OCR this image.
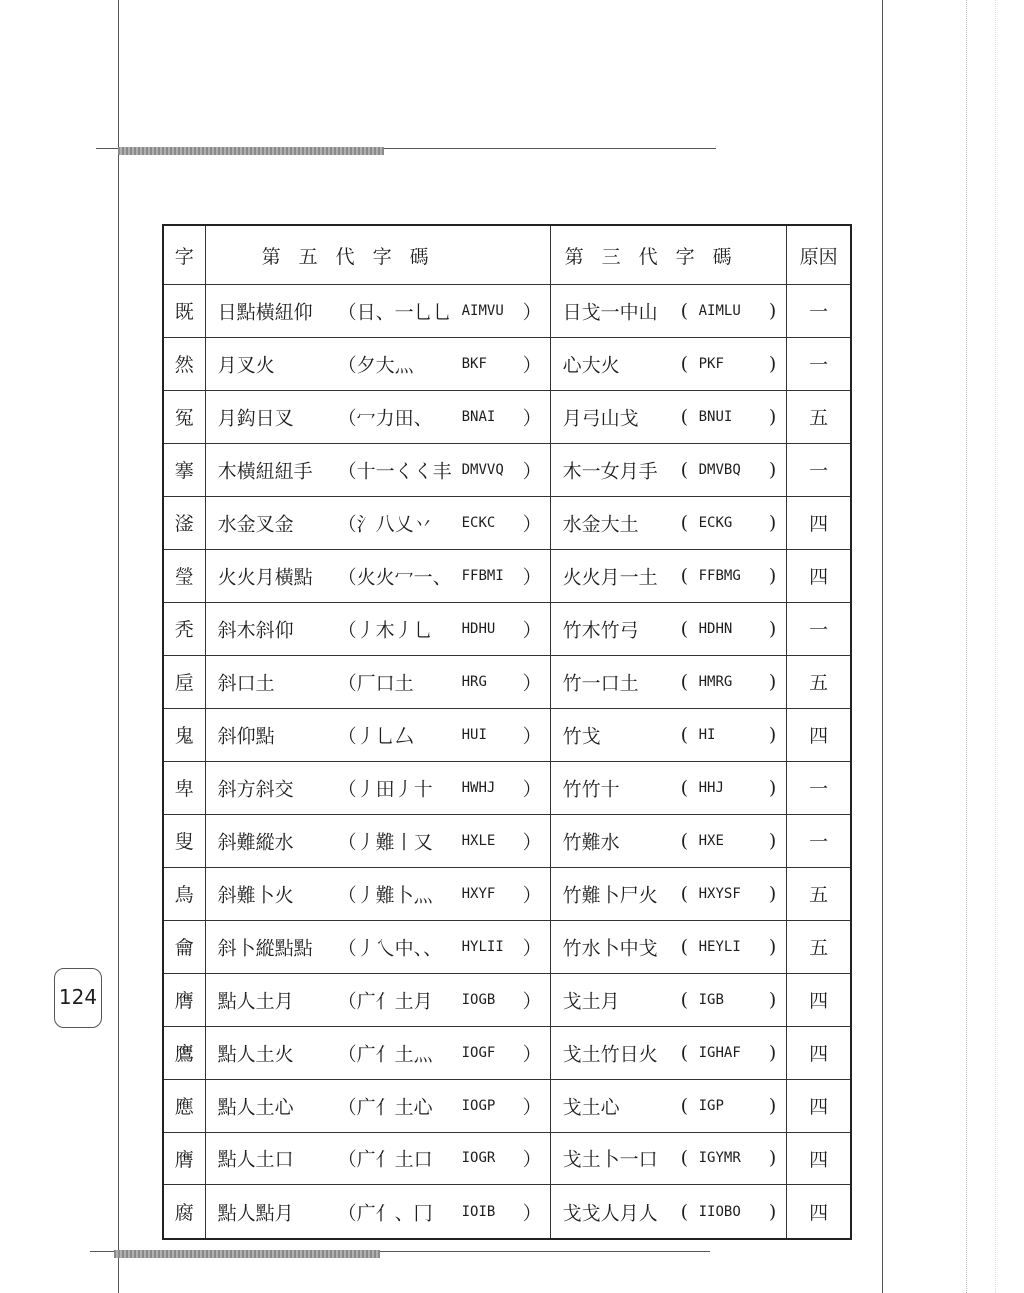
124
字	第五代字碼	第三代字碼	原因
既	日點橫紐仰 （日、一乚乚 AIMVU ）	日戈一中山 ( AIMLU )	一
然	月叉火 （夕大灬 BKF ）	心大火 ( PKF )	一
冤	月鈎日叉 （冖力田、 BNAI ）	月弓山戈 ( BNUI )	五
搴	木橫紐紐手 （十一くく丰 DMVVQ ）	木一女月手 ( DMVBQ )	一
滏	水金叉金 （氵八乂丷 ECKC ）	水金大土 ( ECKG )	四
瑩	火火月橫點 （火火冖一、 FFBMI ）	火火月一土 ( FFBMG )	四
秃	斜木斜仰 （丿木丿乚 HDHU ）	竹木竹弓 ( HDHN )	一
垕	斜口土 （厂口土 HRG ）	竹一口土 ( HMRG )	五
鬼	斜仰點 （丿乚厶 HUI ）	竹戈 ( HI )	四
卑	斜方斜交 （丿田丿十 HWHJ ）	竹竹十 ( HHJ )	一
叟	斜難縱水 （丿難丨又 HXLE ）	竹難水 ( HXE )	一
鳥	斜難卜火 （丿難卜灬 HXYF ）	竹難卜尸火 ( HXYSF )	五
龠	斜卜縱點點 （丿乀中、、 HYLII ）	竹水卜中戈 ( HEYLI )	五
膺	點人土月 （广亻土月 IOGB ）	戈土月 ( IGB )	四
鷹	點人土火 （广亻土灬 IOGF ）	戈土竹日火 ( IGHAF )	四
應	點人土心 （广亻土心 IOGP ）	戈土心 ( IGP )	四
膺	點人土口 （广亻土口 IOGR ）	戈土卜一口 ( IGYMR )	四
腐	點人點月 （广亻、冂 IOIB ）	戈戈人月人 ( IIOBO )	四
